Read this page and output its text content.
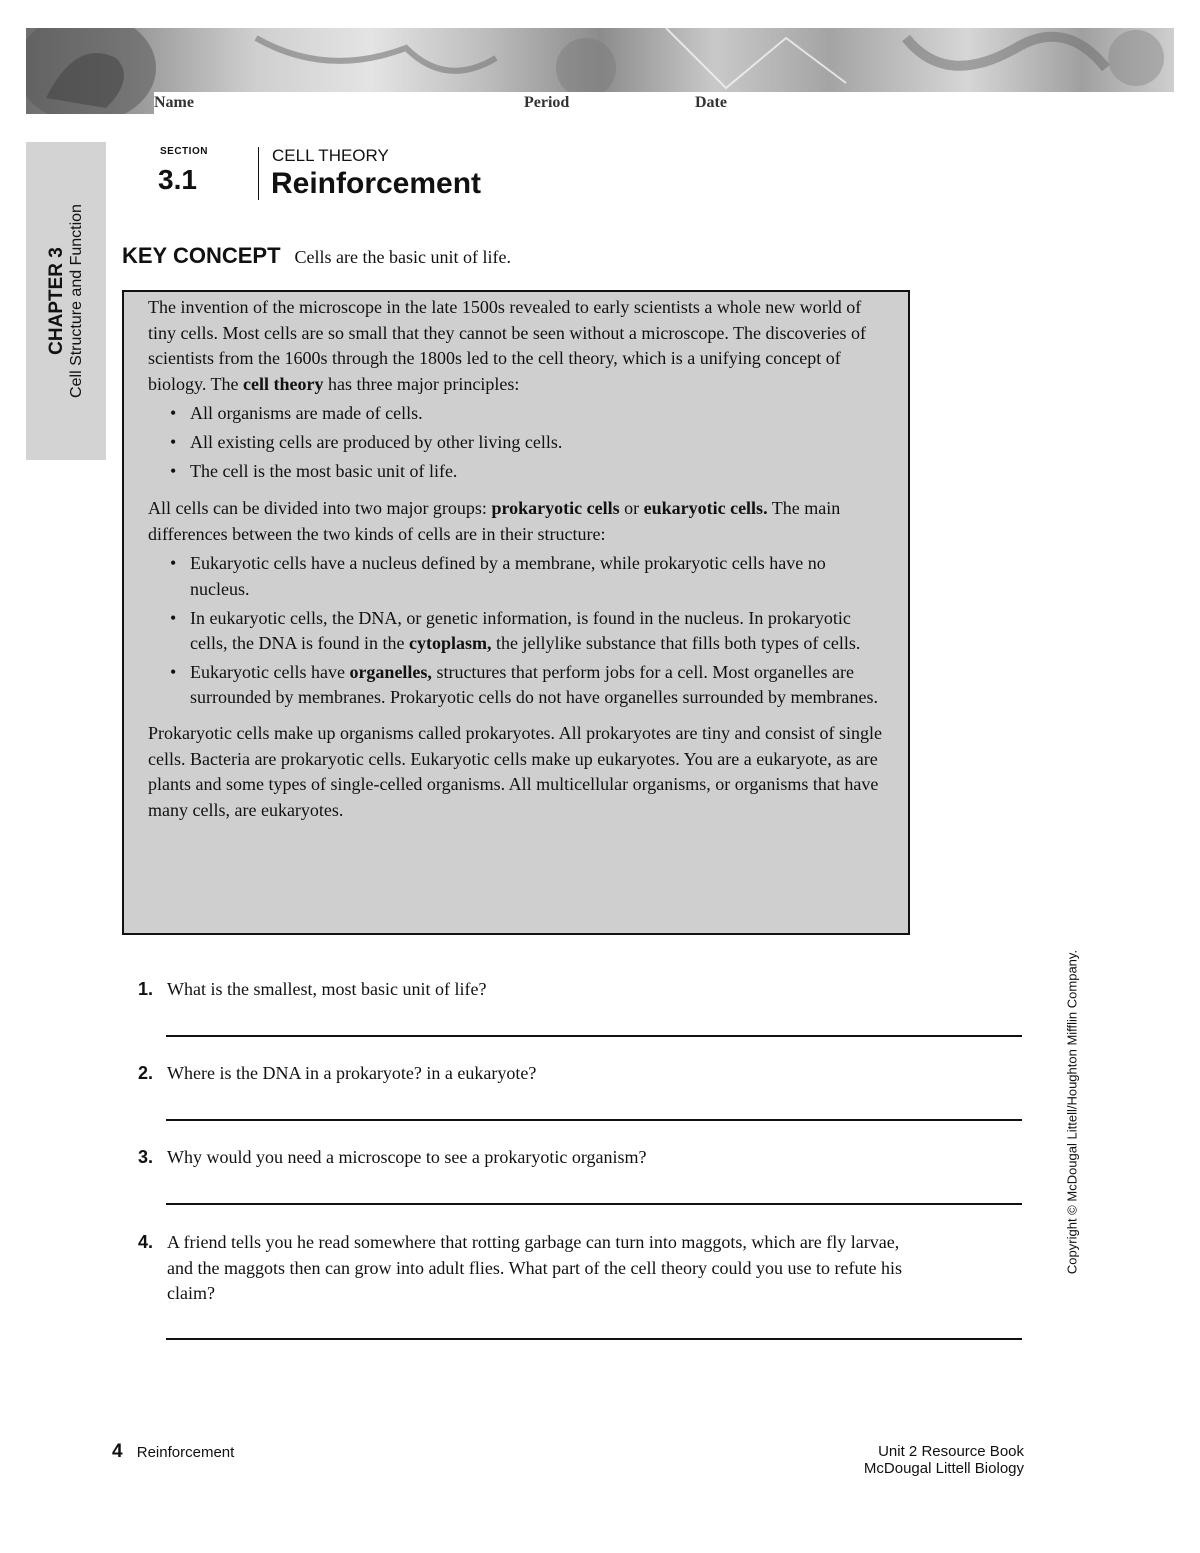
Name	Period	Date
CHAPTER 3 Cell Structure and Function
SECTION
3.1
CELL THEORY
Reinforcement
KEY CONCEPT Cells are the basic unit of life.

The invention of the microscope in the late 1500s revealed to early scientists a whole new world of tiny cells. Most cells are so small that they cannot be seen without a microscope. The discoveries of scientists from the 1600s through the 1800s led to the cell theory, which is a unifying concept of biology. The cell theory has three major principles:

• All organisms are made of cells.
• All existing cells are produced by other living cells.
• The cell is the most basic unit of life.

All cells can be divided into two major groups: prokaryotic cells or eukaryotic cells. The main differences between the two kinds of cells are in their structure:

• Eukaryotic cells have a nucleus defined by a membrane, while prokaryotic cells have no nucleus.
• In eukaryotic cells, the DNA, or genetic information, is found in the nucleus. In prokaryotic cells, the DNA is found in the cytoplasm, the jellylike substance that fills both types of cells.
• Eukaryotic cells have organelles, structures that perform jobs for a cell. Most organelles are surrounded by membranes. Prokaryotic cells do not have organelles surrounded by membranes.

Prokaryotic cells make up organisms called prokaryotes. All prokaryotes are tiny and consist of single cells. Bacteria are prokaryotic cells. Eukaryotic cells make up eukaryotes. You are a eukaryote, as are plants and some types of single-celled organisms. All multicellular organisms, or organisms that have many cells, are eukaryotes.

1. What is the smallest, most basic unit of life?
2. Where is the DNA in a prokaryote? in a eukaryote?
3. Why would you need a microscope to see a prokaryotic organism?
4. A friend tells you he read somewhere that rotting garbage can turn into maggots, which are fly larvae, and the maggots then can grow into adult flies. What part of the cell theory could you use to refute his claim?
Copyright © McDougal Littell/Houghton Mifflin Company.
4 Reinforcement	Unit 2 Resource Book
McDougal Littell Biology
